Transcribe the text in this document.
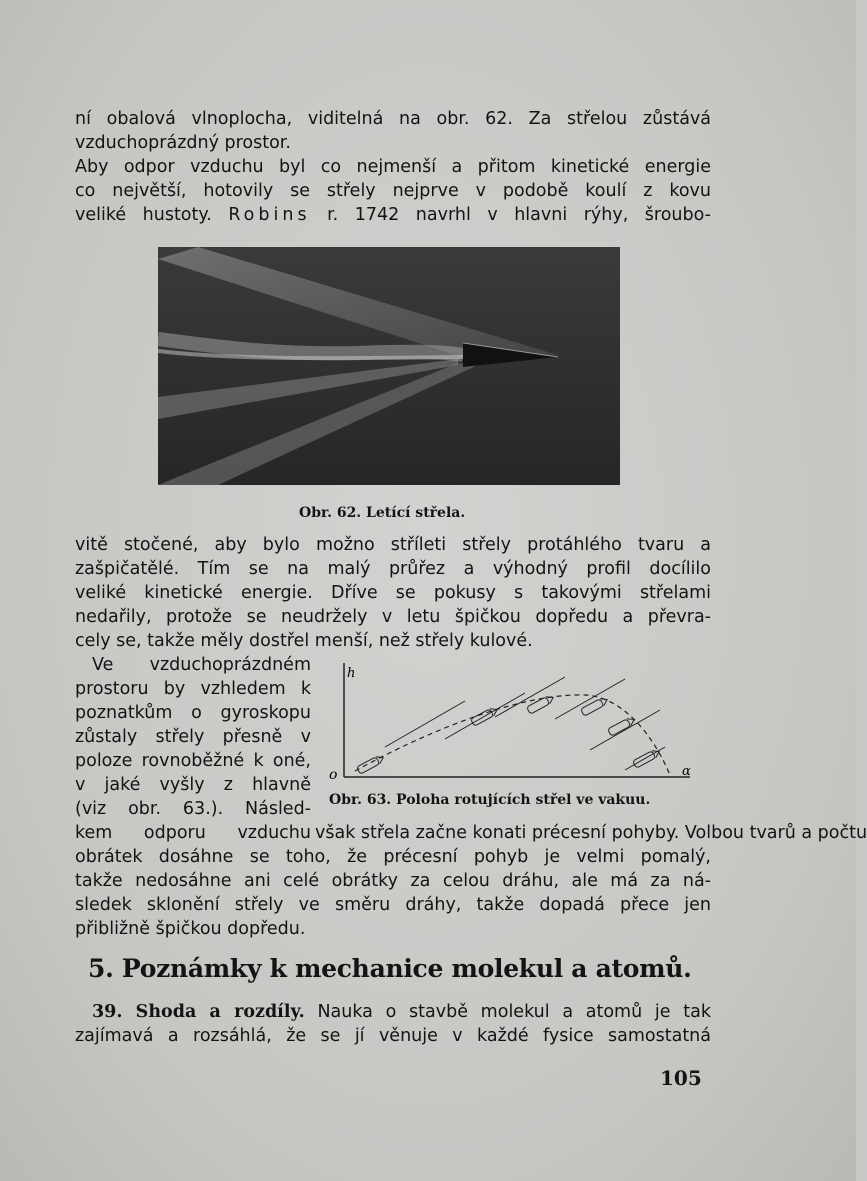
ní obalová vlnoplocha, viditelná na obr. 62. Za střelou zůstává
vzduchoprázdný prostor.
Aby odpor vzduchu byl co nejmenší a přitom kinetické energie
co největší, hotovily se střely nejprve v podobě koulí z kovu
veliké hustoty. Robins r. 1742 navrhl v hlavni rýhy, šroubo-
Obr. 62. Letící střela.
vitě stočené, aby bylo možno stříleti střely protáhlého tvaru a
zašpičatělé. Tím se na malý průřez a výhodný profil docílilo
veliké kinetické energie. Dříve se pokusy s takovými střelami
nedařily, protože se neudržely v letu špičkou dopředu a převra-
cely se, takže měly dostřel menší, než střely kulové.
Ve vzduchoprázdném
prostoru by vzhledem k
poznatkům o gyroskopu
zůstaly střely přesně v
poloze rovnoběžné k oné,
v jaké vyšly z hlavně
(viz obr. 63.). Násled-
kem odporu vzduchu
h
o	α
Obr. 63. Poloha rotujících střel ve vakuu.
však střela začne konati précesní pohyby. Volbou tvarů a počtu
obrátek dosáhne se toho, že précesní pohyb je velmi pomalý,
takže nedosáhne ani celé obrátky za celou dráhu, ale má za ná-
sledek sklonění střely ve směru dráhy, takže dopadá přece jen
přibližně špičkou dopředu.
5. Poznámky k mechanice molekul a atomů.
39. Shoda a rozdíly. Nauka o stavbě molekul a atomů je tak
zajímavá a rozsáhlá, že se jí věnuje v každé fysice samostatná
105
